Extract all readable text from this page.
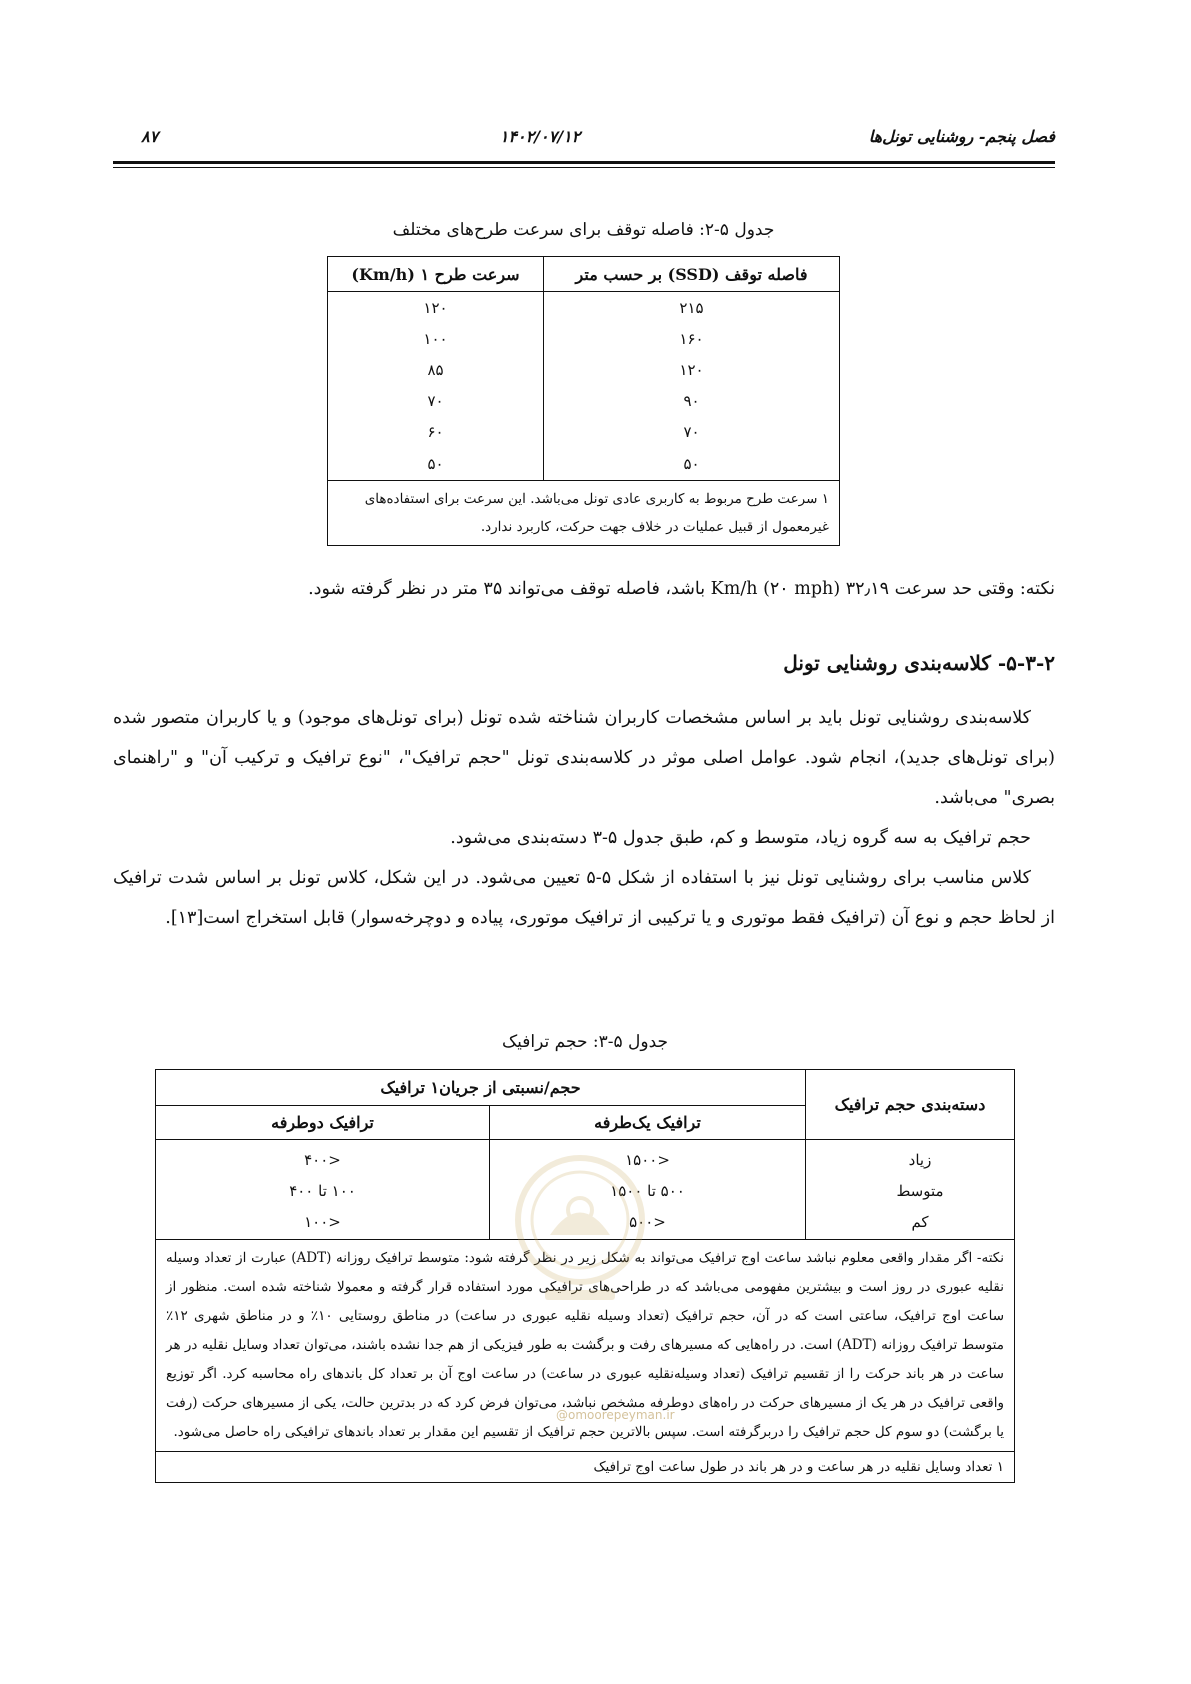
فصل پنجم- روشنایی تونل‌ها
۱۴۰۲/۰۷/۱۲
۸۷
جدول ۵-۲: فاصله توقف برای سرعت طرح‌های مختلف
فاصله توقف (SSD) بر حسب متر	سرعت طرح ۱ (Km/h)
۲۱۵	۱۲۰
۱۶۰	۱۰۰
۱۲۰	۸۵
۹۰	۷۰
۷۰	۶۰
۵۰	۵۰
۱ سرعت طرح مربوط به کاربری عادی تونل می‌باشد. این سرعت برای استفاده‌های غیرمعمول از قبیل عملیات در خلاف جهت حرکت، کاربرد ندارد.	
نکته: وقتی حد سرعت ۳۲٫۱۹ Km/h (۲۰ mph) باشد، فاصله توقف می‌تواند ۳۵ متر در نظر گرفته شود.
۵-۳-۲- کلاسه‌بندی روشنایی تونل
کلاسه‌بندی روشنایی تونل باید بر اساس مشخصات کاربران شناخته شده تونل (برای تونل‌های موجود) و یا کاربران متصور شده (برای تونل‌های جدید)، انجام شود. عوامل اصلی موثر در کلاسه‌بندی تونل "حجم ترافیک"، "نوع ترافیک و ترکیب آن" و "راهنمای بصری" می‌باشد.
حجم ترافیک به سه گروه زیاد، متوسط و کم، طبق جدول ۵-۳ دسته‌بندی می‌شود.
کلاس مناسب برای روشنایی تونل نیز با استفاده از شکل ۵-۵ تعیین می‌شود. در این شکل، کلاس تونل بر اساس شدت ترافیک از لحاظ حجم و نوع آن (ترافیک فقط موتوری و یا ترکیبی از ترافیک موتوری، پیاده و دوچرخه‌سوار) قابل استخراج است[۱۳].
جدول ۵-۳: حجم ترافیک
دسته‌بندی حجم ترافیک	حجم/نسبتی از جریان۱ ترافیک	
	ترافیک یک‌طرفه	ترافیک دوطرفه
زیاد	<۱۵۰۰	<۴۰۰
متوسط	۵۰۰ تا ۱۵۰۰	۱۰۰ تا ۴۰۰
کم	<۵۰۰	<۱۰۰
نکته- اگر مقدار واقعی معلوم نباشد ساعت اوج ترافیک می‌تواند به شکل زیر در نظر گرفته شود: متوسط ترافیک روزانه (ADT) عبارت از تعداد وسیله نقلیه عبوری در روز است و بیشترین مفهومی می‌باشد که در طراحی‌های ترافیکی مورد استفاده قرار گرفته و معمولا شناخته شده است. منظور از ساعت اوج ترافیک، ساعتی است که در آن، حجم ترافیک (تعداد وسیله نقلیه عبوری در ساعت) در مناطق روستایی ۱۰٪ و در مناطق شهری ۱۲٪ متوسط ترافیک روزانه (ADT) است. در راه‌هایی که مسیرهای رفت و برگشت به طور فیزیکی از هم جدا نشده باشند، می‌توان تعداد وسایل نقلیه در هر ساعت در هر باند حرکت را از تقسیم ترافیک (تعداد وسیله‌نقلیه عبوری در ساعت) در ساعت اوج آن بر تعداد کل باندهای راه محاسبه کرد. اگر توزیع واقعی ترافیک در هر یک از مسیرهای حرکت در راه‌های دوطرفه مشخص نباشد، می‌توان فرض کرد که در بدترین حالت، یکی از مسیرهای حرکت (رفت یا برگشت) دو سوم کل حجم ترافیک را دربرگرفته است. سپس بالاترین حجم ترافیک از تقسیم این مقدار بر تعداد باندهای ترافیکی راه حاصل می‌شود.		
۱ تعداد وسایل نقلیه در هر ساعت و در هر باند در طول ساعت اوج ترافیک		
@omoorepeyman.ir
